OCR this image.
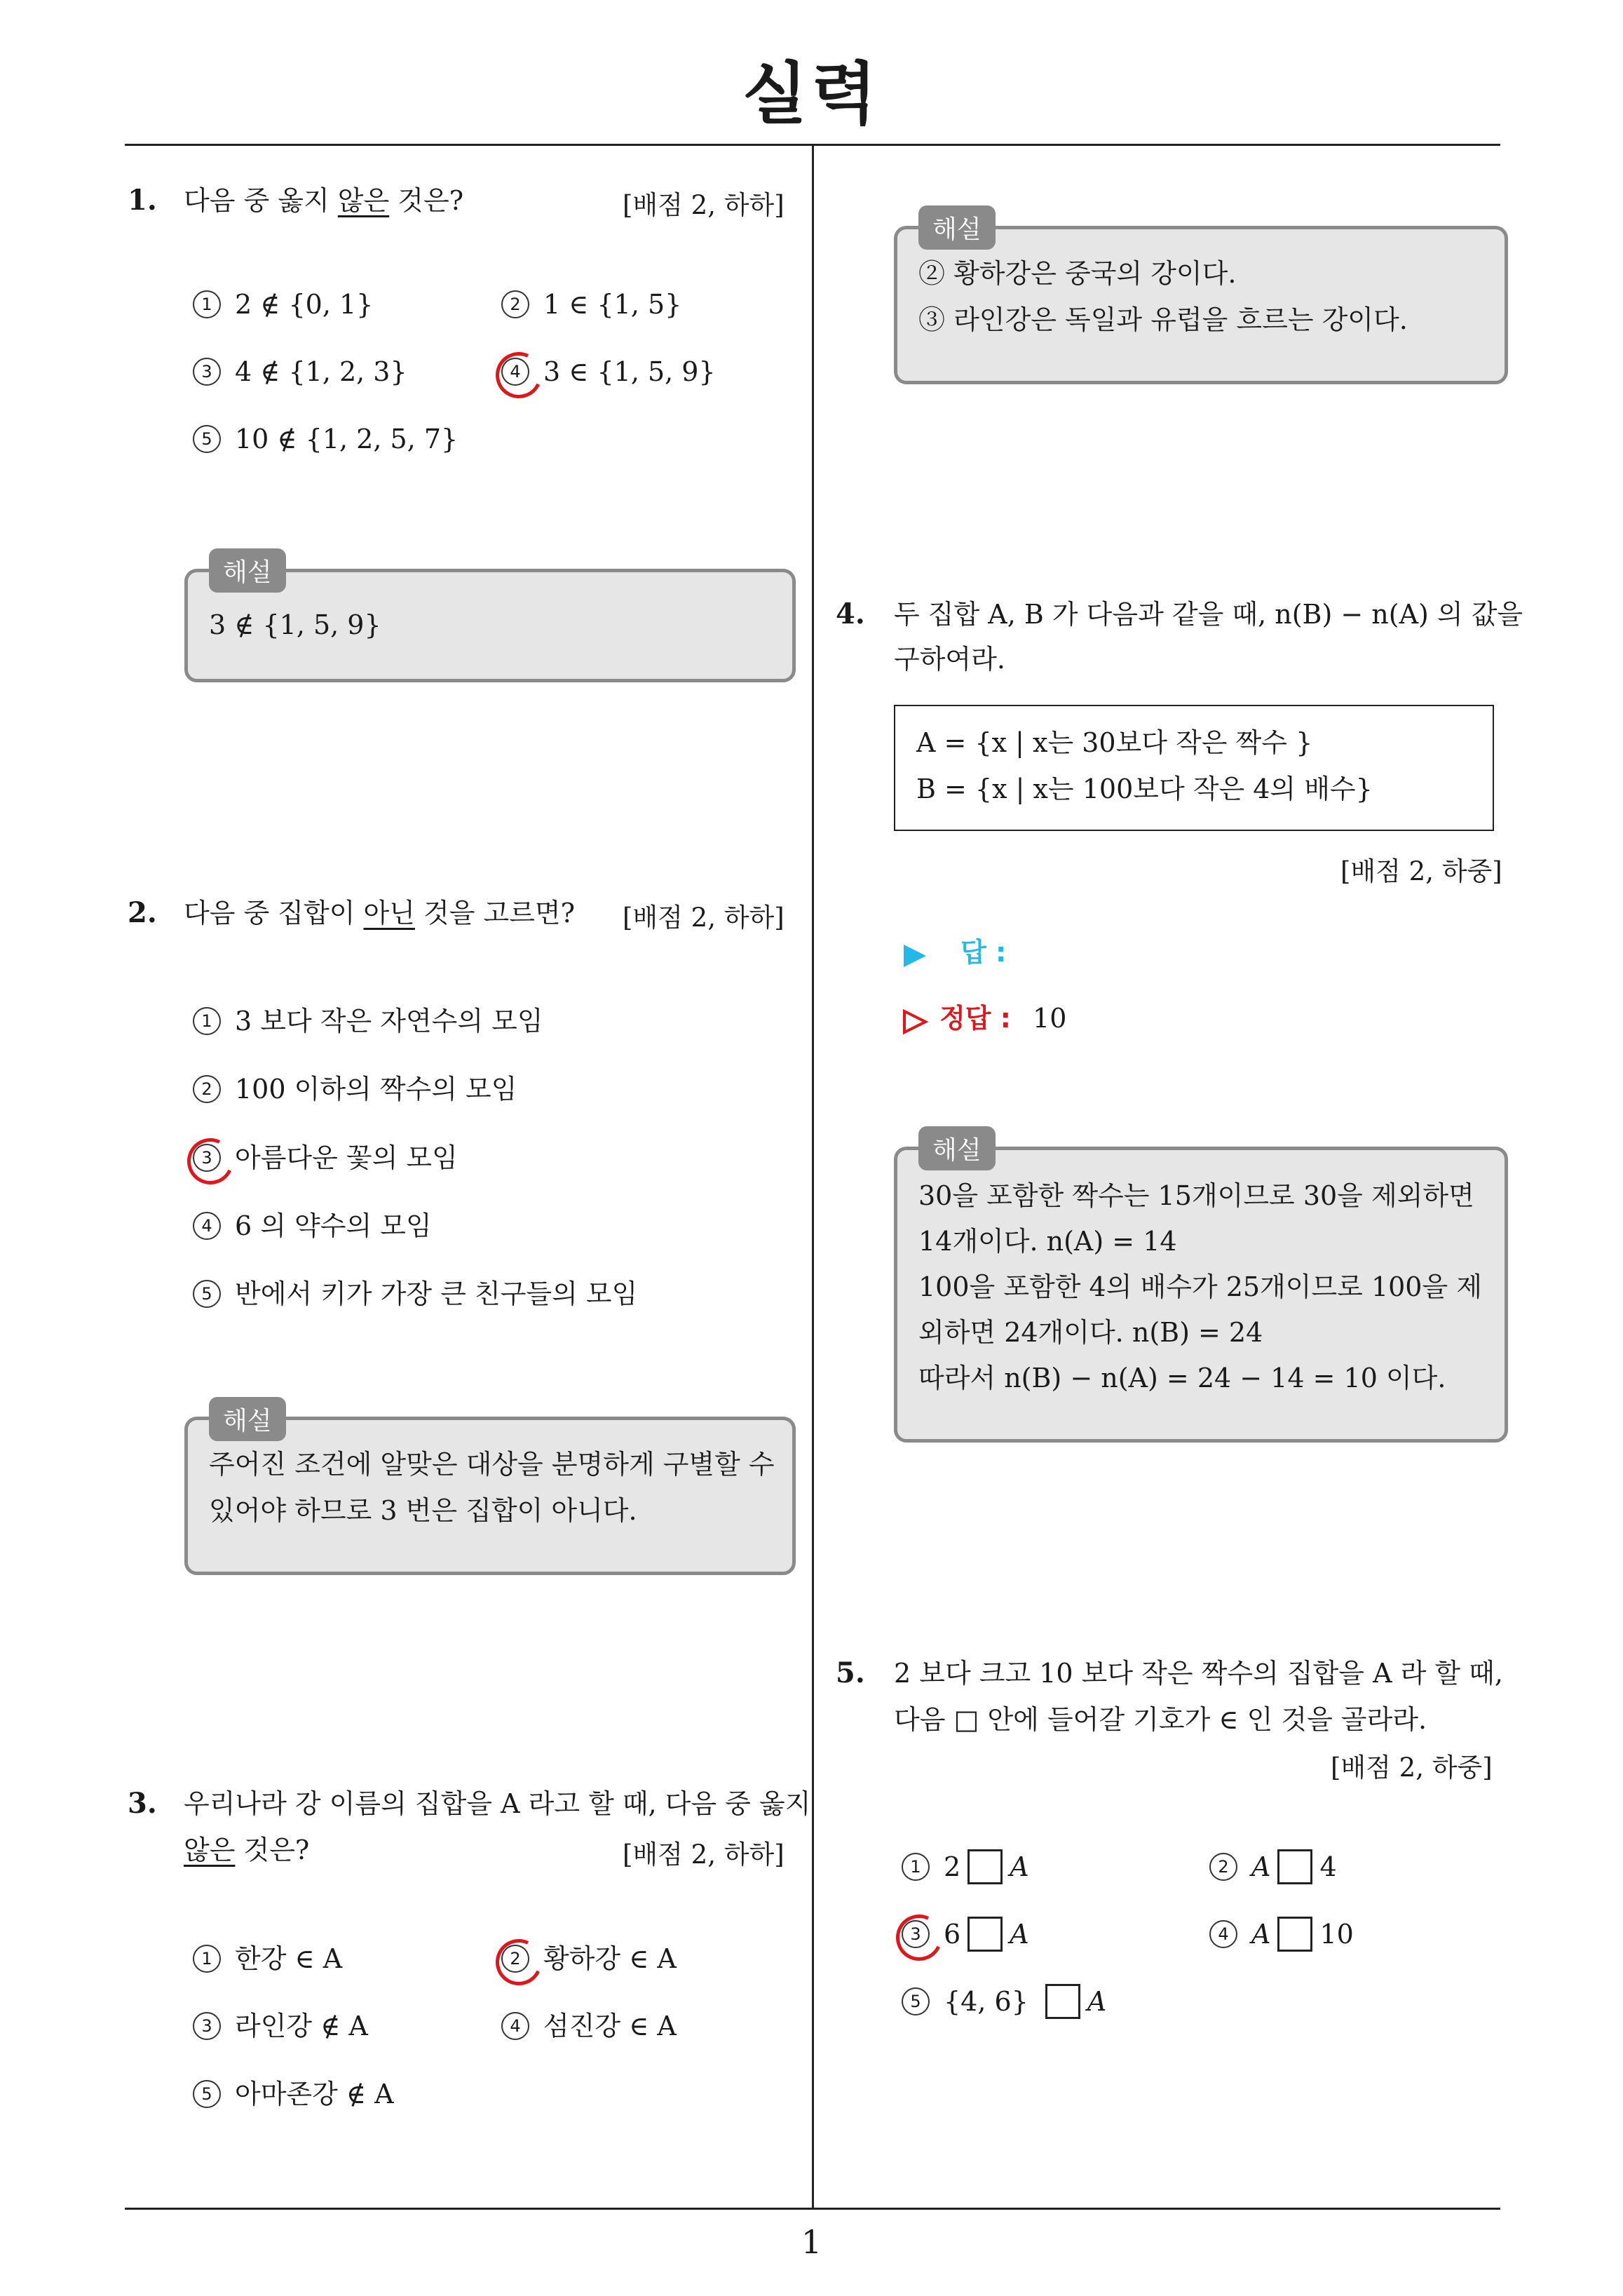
실력
1
1. 다음 중 옳지 않은 것은?	[배점 2, 하하]
1 2 ∉ {0, 1}	2 1 ∈ {1, 5}
3 4 ∉ {1, 2, 3}	4 3 ∈ {1, 5, 9}
5 10 ∉ {1, 2, 5, 7}
3 ∉ {1, 5, 9}
해설
2. 다음 중 집합이 아닌 것을 고르면? [배점 2, 하하]
1 3 보다 작은 자연수의 모임
2 100 이하의 짝수의 모임
3 아름다운 꽃의 모임
4 6 의 약수의 모임
5 반에서 키가 가장 큰 친구들의 모임
주어진 조건에 알맞은 대상을 분명하게 구별할 수
있어야 하므로 3 번은 집합이 아니다.
해설
3. 우리나라 강 이름의 집합을 A 라고 할 때, 다음 중 옳지
않은 것은?	[배점 2, 하하]
1 한강 ∈ A	2 황하강 ∈ A
3 라인강 ∉ A	4 섬진강 ∈ A
5 아마존강 ∉ A
② 황하강은 중국의 강이다.
③ 라인강은 독일과 유럽을 흐르는 강이다.
해설
4. 두 집합 A, B 가 다음과 같을 때, n(B) − n(A) 의 값을
구하여라.
A = {x | x는 30보다 작은 짝수 }
B = {x | x는 100보다 작은 4의 배수}
[배점 2, 하중]
답 :
정답 : 10
30을 포함한 짝수는 15개이므로 30을 제외하면
14개이다. n(A) = 14
100을 포함한 4의 배수가 25개이므로 100을 제
외하면 24개이다. n(B) = 24
따라서 n(B) − n(A) = 24 − 14 = 10 이다.
해설
5. 2 보다 크고 10 보다 작은 짝수의 집합을 A 라 할 때,
다음 □ 안에 들어갈 기호가 ∈ 인 것을 골라라.
[배점 2, 하중]
1 2 A	2 A 4
3 6 A	4 A 10
5 {4, 6} A
